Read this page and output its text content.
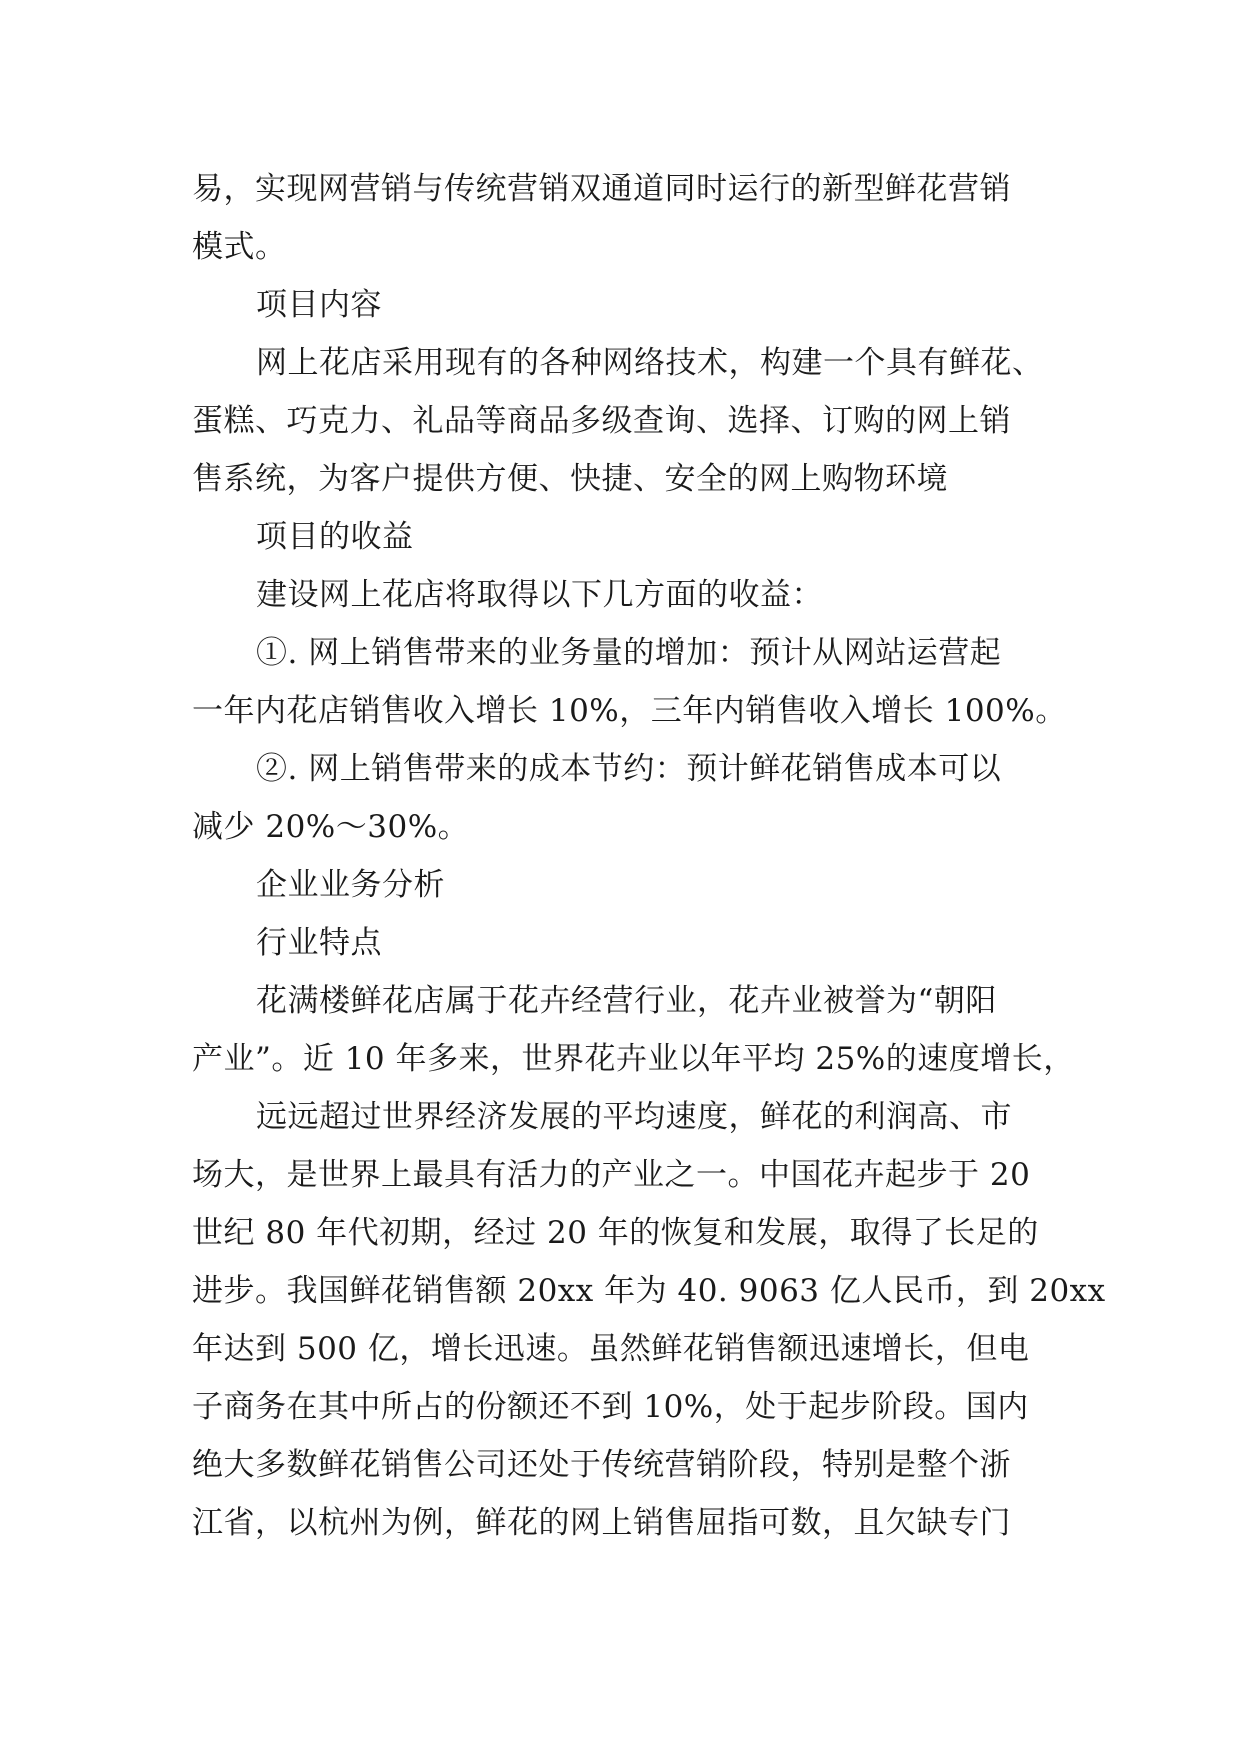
易，实现网营销与传统营销双通道同时运行的新型鲜花营销
模式。
项目内容
网上花店采用现有的各种网络技术，构建一个具有鲜花、
蛋糕、巧克力、礼品等商品多级查询、选择、订购的网上销
售系统，为客户提供方便、快捷、安全的网上购物环境
项目的收益
建设网上花店将取得以下几方面的收益：
①. 网上销售带来的业务量的增加：预计从网站运营起
一年内花店销售收入增长 10%，三年内销售收入增长 100%。
②. 网上销售带来的成本节约：预计鲜花销售成本可以
减少 20%～30%。
企业业务分析
行业特点
花满楼鲜花店属于花卉经营行业，花卉业被誉为“朝阳
产业”。近 10 年多来，世界花卉业以年平均 25%的速度增长，
远远超过世界经济发展的平均速度，鲜花的利润高、市
场大，是世界上最具有活力的产业之一。中国花卉起步于 20
世纪 80 年代初期，经过 20 年的恢复和发展，取得了长足的
进步。我国鲜花销售额 20xx 年为 40. 9063 亿人民币，到 20xx
年达到 500 亿，增长迅速。虽然鲜花销售额迅速增长，但电
子商务在其中所占的份额还不到 10%，处于起步阶段。国内
绝大多数鲜花销售公司还处于传统营销阶段，特别是整个浙
江省，以杭州为例，鲜花的网上销售屈指可数，且欠缺专门
